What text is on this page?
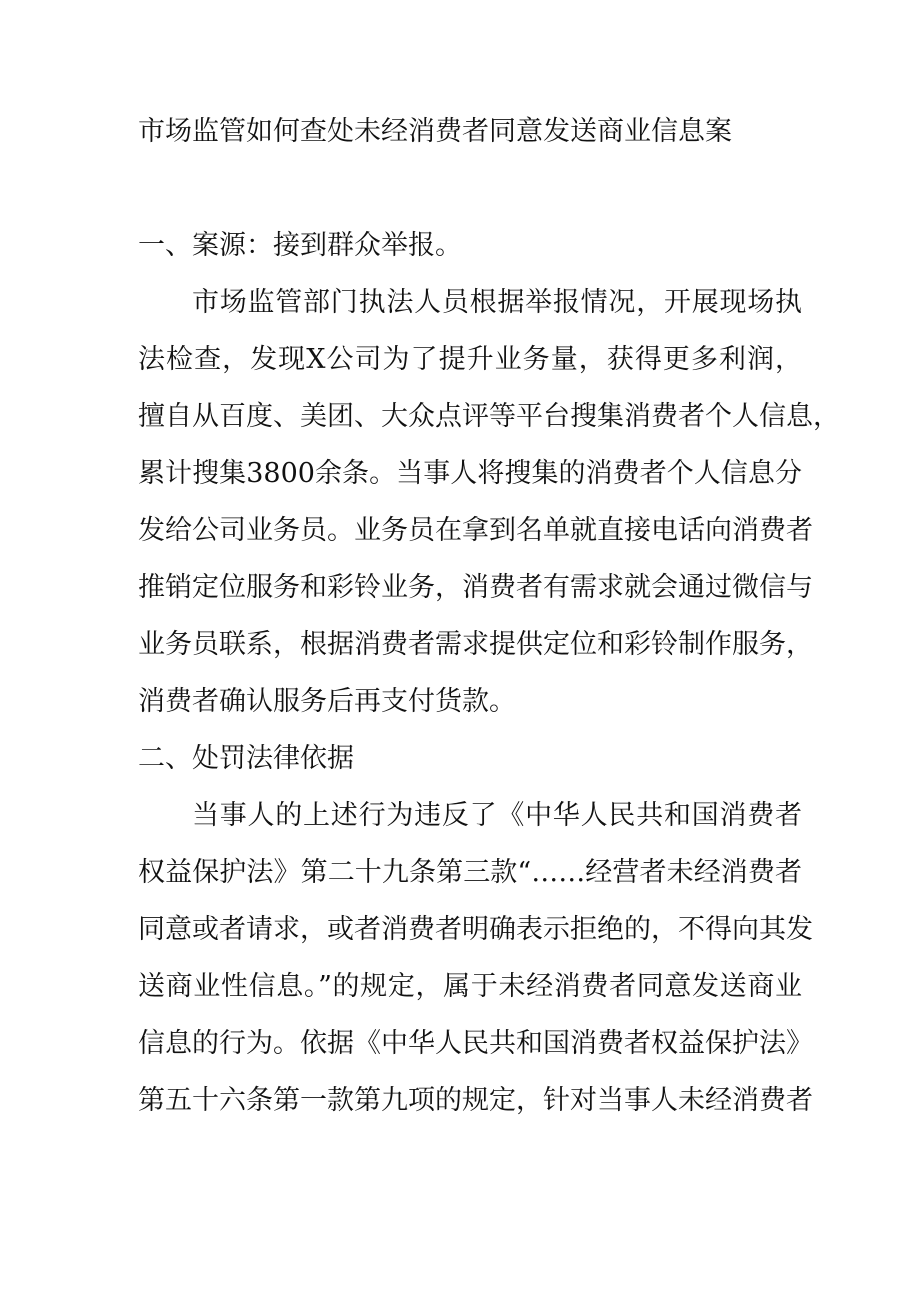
市场监管如何查处未经消费者同意发送商业信息案
一、案源：接到群众举报。

市场监管部门执法人员根据举报情况，开展现场执

法检查，发现X公司为了提升业务量，获得更多利润，

擅自从百度、美团、大众点评等平台搜集消费者个人信息，

累计搜集3800余条。当事人将搜集的消费者个人信息分

发给公司业务员。业务员在拿到名单就直接电话向消费者

推销定位服务和彩铃业务，消费者有需求就会通过微信与

业务员联系，根据消费者需求提供定位和彩铃制作服务，

消费者确认服务后再支付货款。

二、处罚法律依据

当事人的上述行为违反了《中华人民共和国消费者

权益保护法》第二十九条第三款“……经营者未经消费者

同意或者请求，或者消费者明确表示拒绝的，不得向其发

送商业性信息。”的规定，属于未经消费者同意发送商业

信息的行为。依据《中华人民共和国消费者权益保护法》

第五十六条第一款第九项的规定，针对当事人未经消费者
